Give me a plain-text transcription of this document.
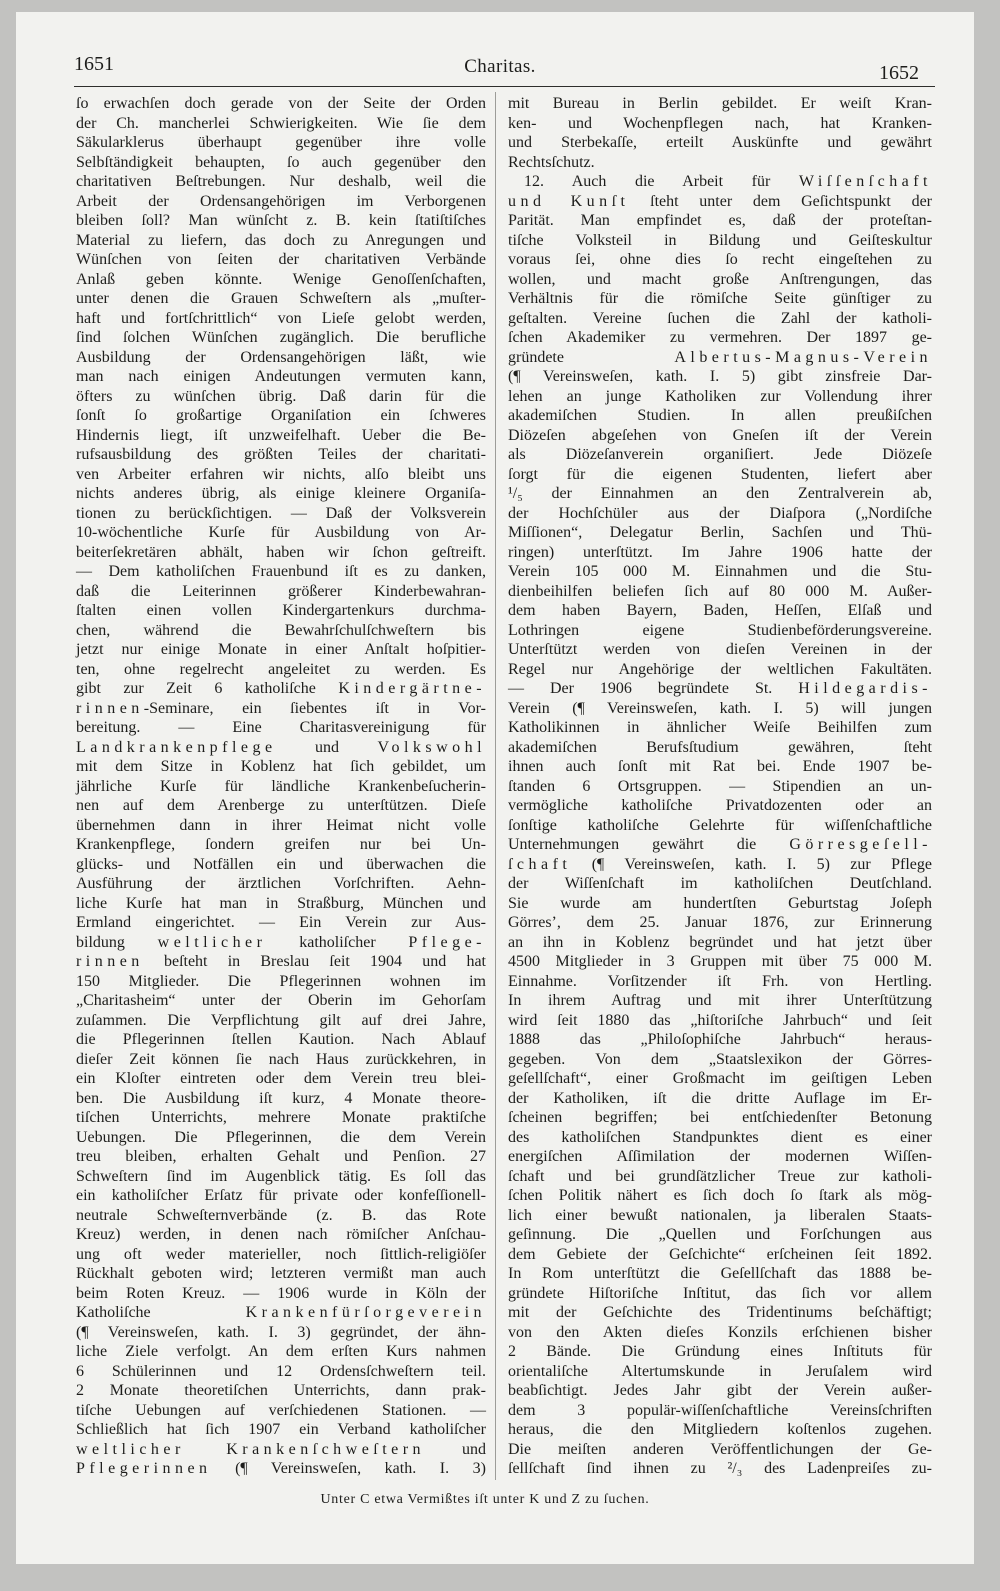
1651	Charitas.	1652
ſo erwachſen doch gerade von der Seite der Orden
der Ch. mancherlei Schwierigkeiten. Wie ſie dem
Säkularklerus überhaupt gegenüber ihre volle
Selbſtändigkeit behaupten, ſo auch gegenüber den
charitativen Beſtrebungen. Nur deshalb, weil die
Arbeit der Ordensangehörigen im Verborgenen
bleiben ſoll? Man wünſcht z. B. kein ſtatiſtiſches
Material zu liefern, das doch zu Anregungen und
Wünſchen von ſeiten der charitativen Verbände
Anlaß geben könnte. Wenige Genoſſenſchaften,
unter denen die Grauen Schweſtern als „muſter-
haft und fortſchrittlich“ von Lieſe gelobt werden,
ſind ſolchen Wünſchen zugänglich. Die berufliche
Ausbildung der Ordensangehörigen läßt, wie
man nach einigen Andeutungen vermuten kann,
öfters zu wünſchen übrig. Daß darin für die
ſonſt ſo großartige Organiſation ein ſchweres
Hindernis liegt, iſt unzweifelhaft. Ueber die Be-
rufsausbildung des größten Teiles der charitati-
ven Arbeiter erfahren wir nichts, alſo bleibt uns
nichts anderes übrig, als einige kleinere Organiſa-
tionen zu berückſichtigen. — Daß der Volksverein
10-wöchentliche Kurſe für Ausbildung von Ar-
beiterſekretären abhält, haben wir ſchon geſtreift.
— Dem katholiſchen Frauenbund iſt es zu danken,
daß die Leiterinnen größerer Kinderbewahran-
ſtalten einen vollen Kindergartenkurs durchma-
chen, während die Bewahrſchulſchweſtern bis
jetzt nur einige Monate in einer Anſtalt hoſpitier-
ten, ohne regelrecht angeleitet zu werden. Es
gibt zur Zeit 6 katholiſche Kindergärtne-
rinnen-Seminare, ein ſiebentes iſt in Vor-
bereitung. — Eine Charitasvereinigung für
Landkrankenpflege und Volkswohl
mit dem Sitze in Koblenz hat ſich gebildet, um
jährliche Kurſe für ländliche Krankenbeſucherin-
nen auf dem Arenberge zu unterſtützen. Dieſe
übernehmen dann in ihrer Heimat nicht volle
Krankenpflege, ſondern greifen nur bei Un-
glücks- und Notfällen ein und überwachen die
Ausführung der ärztlichen Vorſchriften. Aehn-
liche Kurſe hat man in Straßburg, München und
Ermland eingerichtet. — Ein Verein zur Aus-
bildung weltlicher katholiſcher Pflege-
rinnen beſteht in Breslau ſeit 1904 und hat
150 Mitglieder. Die Pflegerinnen wohnen im
„Charitasheim“ unter der Oberin im Gehorſam
zuſammen. Die Verpflichtung gilt auf drei Jahre,
die Pflegerinnen ſtellen Kaution. Nach Ablauf
dieſer Zeit können ſie nach Haus zurückkehren, in
ein Kloſter eintreten oder dem Verein treu blei-
ben. Die Ausbildung iſt kurz, 4 Monate theore-
tiſchen Unterrichts, mehrere Monate praktiſche
Uebungen. Die Pflegerinnen, die dem Verein
treu bleiben, erhalten Gehalt und Penſion. 27
Schweſtern ſind im Augenblick tätig. Es ſoll das
ein katholiſcher Erſatz für private oder konfeſſionell-
neutrale Schweſternverbände (z. B. das Rote
Kreuz) werden, in denen nach römiſcher Anſchau-
ung oft weder materieller, noch ſittlich-religiöſer
Rückhalt geboten wird; letzteren vermißt man auch
beim Roten Kreuz. — 1906 wurde in Köln der
Katholiſche Krankenfürſorgeverein
(¶ Vereinsweſen, kath. I. 3) gegründet, der ähn-
liche Ziele verfolgt. An dem erſten Kurs nahmen
6 Schülerinnen und 12 Ordensſchweſtern teil.
2 Monate theoretiſchen Unterrichts, dann prak-
tiſche Uebungen auf verſchiedenen Stationen. —
Schließlich hat ſich 1907 ein Verband katholiſcher
weltlicher Krankenſchweſtern und
Pflegerinnen (¶ Vereinsweſen, kath. I. 3)
mit Bureau in Berlin gebildet. Er weiſt Kran-
ken- und Wochenpflegen nach, hat Kranken-
und Sterbekaſſe, erteilt Auskünfte und gewährt
Rechtsſchutz.
12. Auch die Arbeit für Wiſſenſchaft
und Kunſt ſteht unter dem Geſichtspunkt der
Parität. Man empfindet es, daß der proteſtan-
tiſche Volksteil in Bildung und Geiſteskultur
voraus ſei, ohne dies ſo recht eingeſtehen zu
wollen, und macht große Anſtrengungen, das
Verhältnis für die römiſche Seite günſtiger zu
geſtalten. Vereine ſuchen die Zahl der katholi-
ſchen Akademiker zu vermehren. Der 1897 ge-
gründete Albertus-Magnus-Verein
(¶ Vereinsweſen, kath. I. 5) gibt zinsfreie Dar-
lehen an junge Katholiken zur Vollendung ihrer
akademiſchen Studien. In allen preußiſchen
Diözeſen abgeſehen von Gneſen iſt der Verein
als Diözeſanverein organiſiert. Jede Diözeſe
ſorgt für die eigenen Studenten, liefert aber
¹/₅ der Einnahmen an den Zentralverein ab,
der Hochſchüler aus der Diaſpora („Nordiſche
Miſſionen“, Delegatur Berlin, Sachſen und Thü-
ringen) unterſtützt. Im Jahre 1906 hatte der
Verein 105 000 M. Einnahmen und die Stu-
dienbeihilfen beliefen ſich auf 80 000 M. Außer-
dem haben Bayern, Baden, Heſſen, Elſaß und
Lothringen eigene Studienbeförderungsvereine.
Unterſtützt werden von dieſen Vereinen in der
Regel nur Angehörige der weltlichen Fakultäten.
— Der 1906 begründete St. Hildegardis-
Verein (¶ Vereinsweſen, kath. I. 5) will jungen
Katholikinnen in ähnlicher Weiſe Beihilfen zum
akademiſchen Berufsſtudium gewähren, ſteht
ihnen auch ſonſt mit Rat bei. Ende 1907 be-
ſtanden 6 Ortsgruppen. — Stipendien an un-
vermögliche katholiſche Privatdozenten oder an
ſonſtige katholiſche Gelehrte für wiſſenſchaftliche
Unternehmungen gewährt die Görresgeſell-
ſchaft (¶ Vereinsweſen, kath. I. 5) zur Pflege
der Wiſſenſchaft im katholiſchen Deutſchland.
Sie wurde am hundertſten Geburtstag Joſeph
Görres’, dem 25. Januar 1876, zur Erinnerung
an ihn in Koblenz begründet und hat jetzt über
4500 Mitglieder in 3 Gruppen mit über 75 000 M.
Einnahme. Vorſitzender iſt Frh. von Hertling.
In ihrem Auftrag und mit ihrer Unterſtützung
wird ſeit 1880 das „hiſtoriſche Jahrbuch“ und ſeit
1888 das „Philoſophiſche Jahrbuch“ heraus-
gegeben. Von dem „Staatslexikon der Görres-
geſellſchaft“, einer Großmacht im geiſtigen Leben
der Katholiken, iſt die dritte Auflage im Er-
ſcheinen begriffen; bei entſchiedenſter Betonung
des katholiſchen Standpunktes dient es einer
energiſchen Aſſimilation der modernen Wiſſen-
ſchaft und bei grundſätzlicher Treue zur katholi-
ſchen Politik nähert es ſich doch ſo ſtark als mög-
lich einer bewußt nationalen, ja liberalen Staats-
geſinnung. Die „Quellen und Forſchungen aus
dem Gebiete der Geſchichte“ erſcheinen ſeit 1892.
In Rom unterſtützt die Geſellſchaft das 1888 be-
gründete Hiſtoriſche Inſtitut, das ſich vor allem
mit der Geſchichte des Tridentinums beſchäftigt;
von den Akten dieſes Konzils erſchienen bisher
2 Bände. Die Gründung eines Inſtituts für
orientaliſche Altertumskunde in Jeruſalem wird
beabſichtigt. Jedes Jahr gibt der Verein außer-
dem 3 populär-wiſſenſchaftliche Vereinsſchriften
heraus, die den Mitgliedern koſtenlos zugehen.
Die meiſten anderen Veröffentlichungen der Ge-
ſellſchaft ſind ihnen zu ²/₃ des Ladenpreiſes zu-
Unter C etwa Vermißtes iſt unter K und Z zu ſuchen.
